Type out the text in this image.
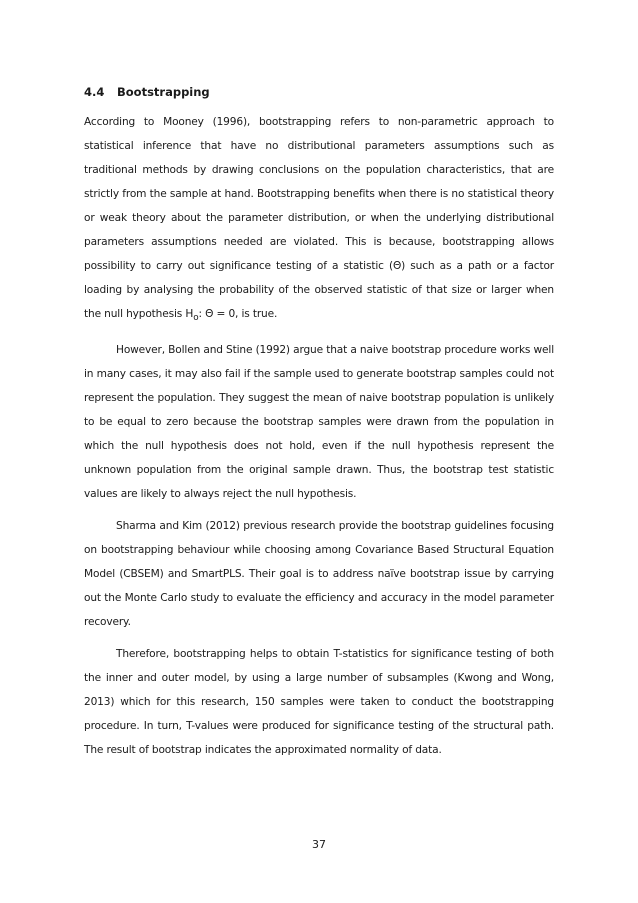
4.4 Bootstrapping

According to Mooney (1996), bootstrapping refers to non-parametric approach to statistical inference that have no distributional parameters assumptions such as traditional methods by drawing conclusions on the population characteristics, that are strictly from the sample at hand. Bootstrapping benefits when there is no statistical theory or weak theory about the parameter distribution, or when the underlying distributional parameters assumptions needed are violated. This is because, bootstrapping allows possibility to carry out significance testing of a statistic (Θ) such as a path or a factor loading by analysing the probability of the observed statistic of that size or larger when the null hypothesis $H_o$: Θ = 0, is true.

However, Bollen and Stine (1992) argue that a naive bootstrap procedure works well in many cases, it may also fail if the sample used to generate bootstrap samples could not represent the population. They suggest the mean of naive bootstrap population is unlikely to be equal to zero because the bootstrap samples were drawn from the population in which the null hypothesis does not hold, even if the null hypothesis represent the unknown population from the original sample drawn. Thus, the bootstrap test statistic values are likely to always reject the null hypothesis.

Sharma and Kim (2012) previous research provide the bootstrap guidelines focusing on bootstrapping behaviour while choosing among Covariance Based Structural Equation Model (CBSEM) and SmartPLS. Their goal is to address naïve bootstrap issue by carrying out the Monte Carlo study to evaluate the efficiency and accuracy in the model parameter recovery.

Therefore, bootstrapping helps to obtain T-statistics for significance testing of both the inner and outer model, by using a large number of subsamples (Kwong and Wong, 2013) which for this research, 150 samples were taken to conduct the bootstrapping procedure. In turn, T-values were produced for significance testing of the structural path. The result of bootstrap indicates the approximated normality of data.

37
